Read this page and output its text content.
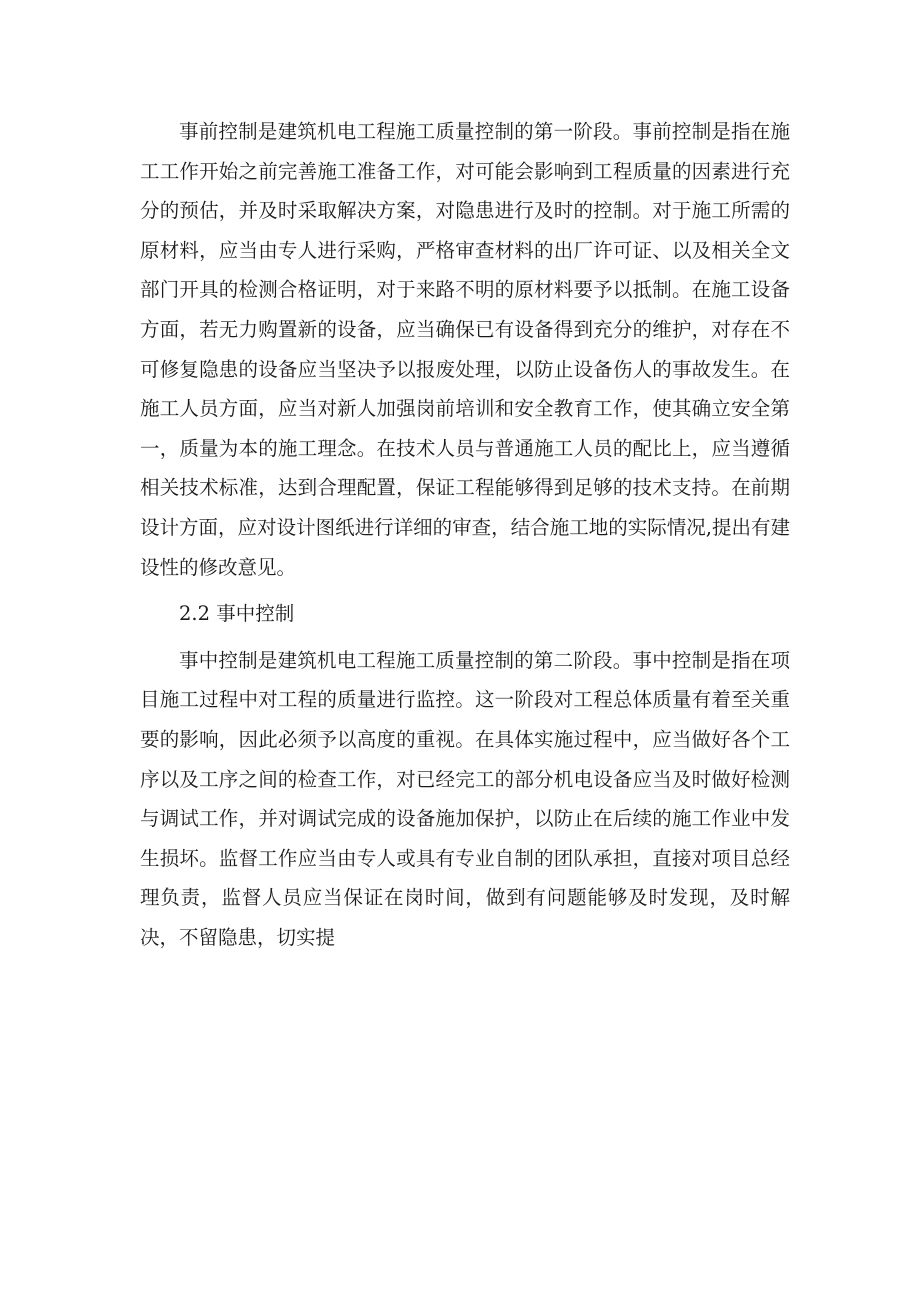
事前控制是建筑机电工程施工质量控制的第一阶段。事前控制是指在施工工作开始之前完善施工准备工作，对可能会影响到工程质量的因素进行充分的预估，并及时采取解决方案，对隐患进行及时的控制。对于施工所需的原材料，应当由专人进行采购，严格审查材料的出厂许可证、以及相关全文部门开具的检测合格证明，对于来路不明的原材料要予以抵制。在施工设备方面，若无力购置新的设备，应当确保已有设备得到充分的维护，对存在不可修复隐患的设备应当坚决予以报废处理，以防止设备伤人的事故发生。在施工人员方面，应当对新人加强岗前培训和安全教育工作，使其确立安全第一，质量为本的施工理念。在技术人员与普通施工人员的配比上，应当遵循相关技术标准，达到合理配置，保证工程能够得到足够的技术支持。在前期设计方面，应对设计图纸进行详细的审查，结合施工地的实际情况,提出有建设性的修改意见。

2.2 事中控制

事中控制是建筑机电工程施工质量控制的第二阶段。事中控制是指在项目施工过程中对工程的质量进行监控。这一阶段对工程总体质量有着至关重要的影响，因此必须予以高度的重视。在具体实施过程中，应当做好各个工序以及工序之间的检查工作，对已经完工的部分机电设备应当及时做好检测与调试工作，并对调试完成的设备施加保护，以防止在后续的施工作业中发生损坏。监督工作应当由专人或具有专业自制的团队承担，直接对项目总经理负责，监督人员应当保证在岗时间，做到有问题能够及时发现，及时解决，不留隐患，切实提
